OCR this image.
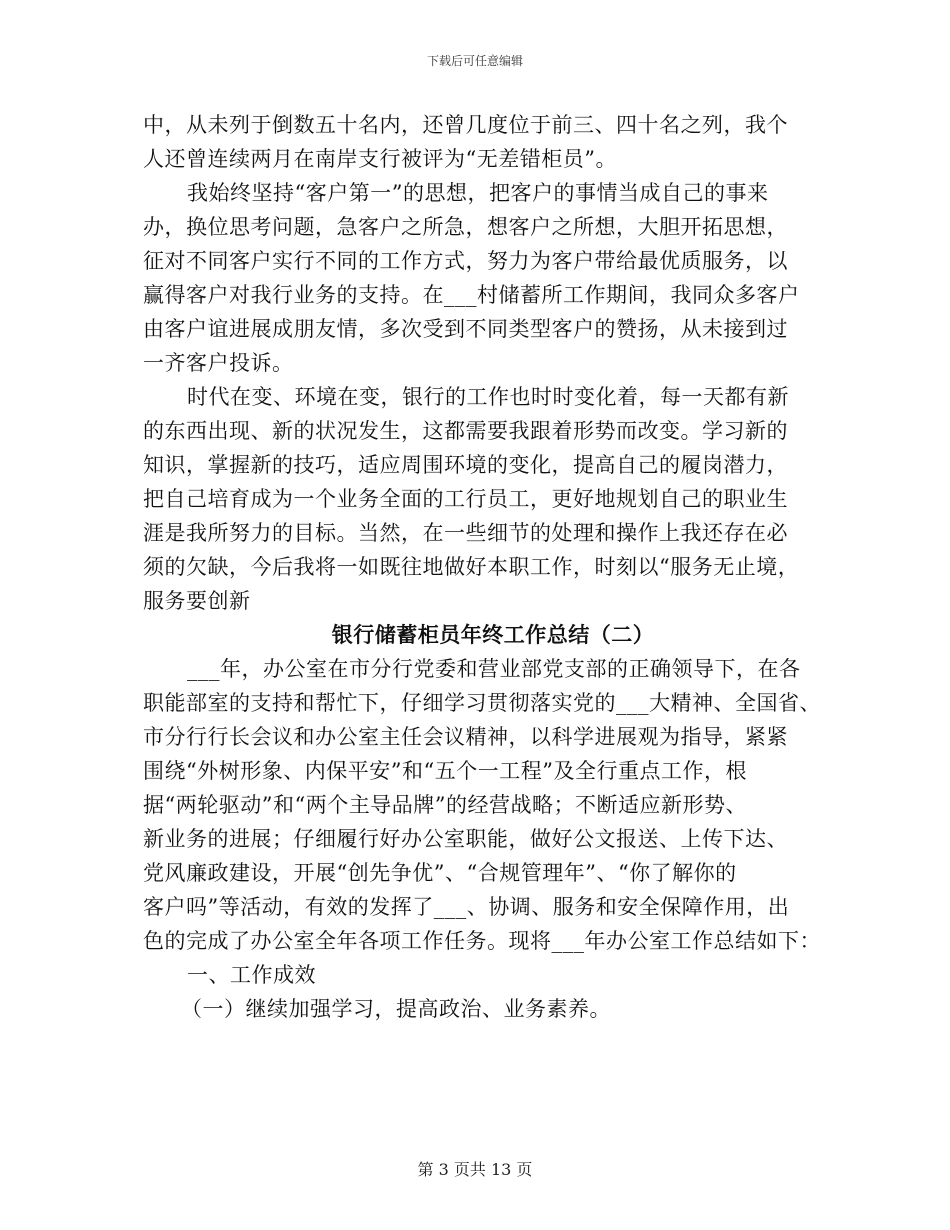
下载后可任意编辑
中，从未列于倒数五十名内，还曾几度位于前三、四十名之列，我个
人还曾连续两月在南岸支行被评为“无差错柜员”。
我始终坚持“客户第一”的思想，把客户的事情当成自己的事来
办，换位思考问题，急客户之所急，想客户之所想，大胆开拓思想，
征对不同客户实行不同的工作方式，努力为客户带给最优质服务，以
赢得客户对我行业务的支持。在___村储蓄所工作期间，我同众多客户
由客户谊进展成朋友情，多次受到不同类型客户的赞扬，从未接到过
一齐客户投诉。
时代在变、环境在变，银行的工作也时时变化着，每一天都有新
的东西出现、新的状况发生，这都需要我跟着形势而改变。学习新的
知识，掌握新的技巧，适应周围环境的变化，提高自己的履岗潜力，
把自己培育成为一个业务全面的工行员工，更好地规划自己的职业生
涯是我所努力的目标。当然，在一些细节的处理和操作上我还存在必
须的欠缺，今后我将一如既往地做好本职工作，时刻以“服务无止境，
服务要创新
银行储蓄柜员年终工作总结（二）
___年，办公室在市分行党委和营业部党支部的正确领导下，在各
职能部室的支持和帮忙下，仔细学习贯彻落实党的___大精神、全国省、
市分行行长会议和办公室主任会议精神，以科学进展观为指导，紧紧
围绕“外树形象、内保平安”和“五个一工程”及全行重点工作，根
据“两轮驱动”和“两个主导品牌”的经营战略；不断适应新形势、
新业务的进展；仔细履行好办公室职能，做好公文报送、上传下达、
党风廉政建设，开展“创先争优”、“合规管理年”、“你了解你的
客户吗”等活动，有效的发挥了___、协调、服务和安全保障作用，出
色的完成了办公室全年各项工作任务。现将___年办公室工作总结如下：
一、工作成效
（一）继续加强学习，提高政治、业务素养。
第 3 页共 13 页
